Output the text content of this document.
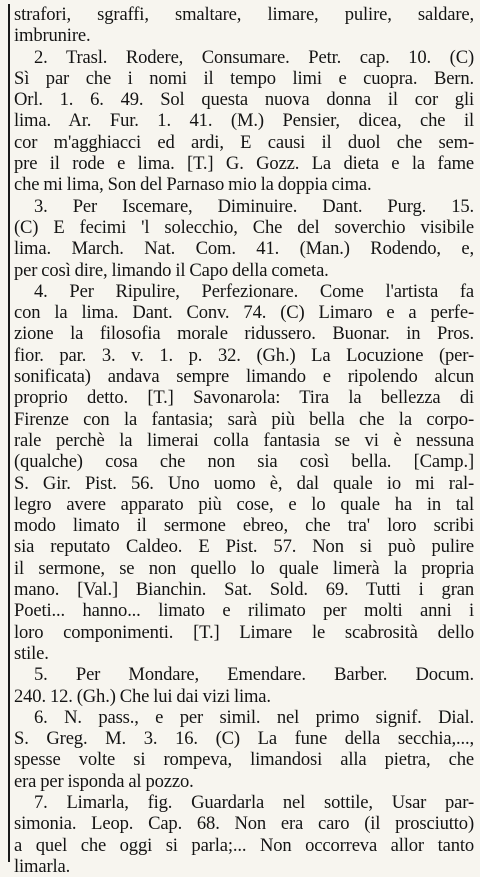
strafori, sgraffi, smaltare, limare, pulire, saldare,
imbrunire.
2. Trasl. Rodere, Consumare. Petr. cap. 10. (C)
Sì par che i nomi il tempo limi e cuopra. Bern.
Orl. 1. 6. 49. Sol questa nuova donna il cor gli
lima. Ar. Fur. 1. 41. (M.) Pensier, dicea, che il
cor m'agghiacci ed ardi, E causi il duol che sem-
pre il rode e lima. [T.] G. Gozz. La dieta e la fame
che mi lima, Son del Parnaso mio la doppia cima.
3. Per Iscemare, Diminuire. Dant. Purg. 15.
(C) E fecimi 'l solecchio, Che del soverchio visibile
lima. March. Nat. Com. 41. (Man.) Rodendo, e,
per così dire, limando il Capo della cometa.
4. Per Ripulire, Perfezionare. Come l'artista fa
con la lima. Dant. Conv. 74. (C) Limaro e a perfe-
zione la filosofia morale ridussero. Buonar. in Pros.
fior. par. 3. v. 1. p. 32. (Gh.) La Locuzione (per-
sonificata) andava sempre limando e ripolendo alcun
proprio detto. [T.] Savonarola: Tira la bellezza di
Firenze con la fantasia; sarà più bella che la corpo-
rale perchè la limerai colla fantasia se vi è nessuna
(qualche) cosa che non sia così bella. [Camp.]
S. Gir. Pist. 56. Uno uomo è, dal quale io mi ral-
legro avere apparato più cose, e lo quale ha in tal
modo limato il sermone ebreo, che tra' loro scribi
sia reputato Caldeo. E Pist. 57. Non si può pulire
il sermone, se non quello lo quale limerà la propria
mano. [Val.] Bianchin. Sat. Sold. 69. Tutti i gran
Poeti... hanno... limato e rilimato per molti anni i
loro componimenti. [T.] Limare le scabrosità dello
stile.
5. Per Mondare, Emendare. Barber. Docum.
240. 12. (Gh.) Che lui dai vizi lima.
6. N. pass., e per simil. nel primo signif. Dial.
S. Greg. M. 3. 16. (C) La fune della secchia,...,
spesse volte si rompeva, limandosi alla pietra, che
era per isponda al pozzo.
7. Limarla, fig. Guardarla nel sottile, Usar par-
simonia. Leop. Cap. 68. Non era caro (il prosciutto)
a quel che oggi si parla;... Non occorreva allor tanto
limarla.
